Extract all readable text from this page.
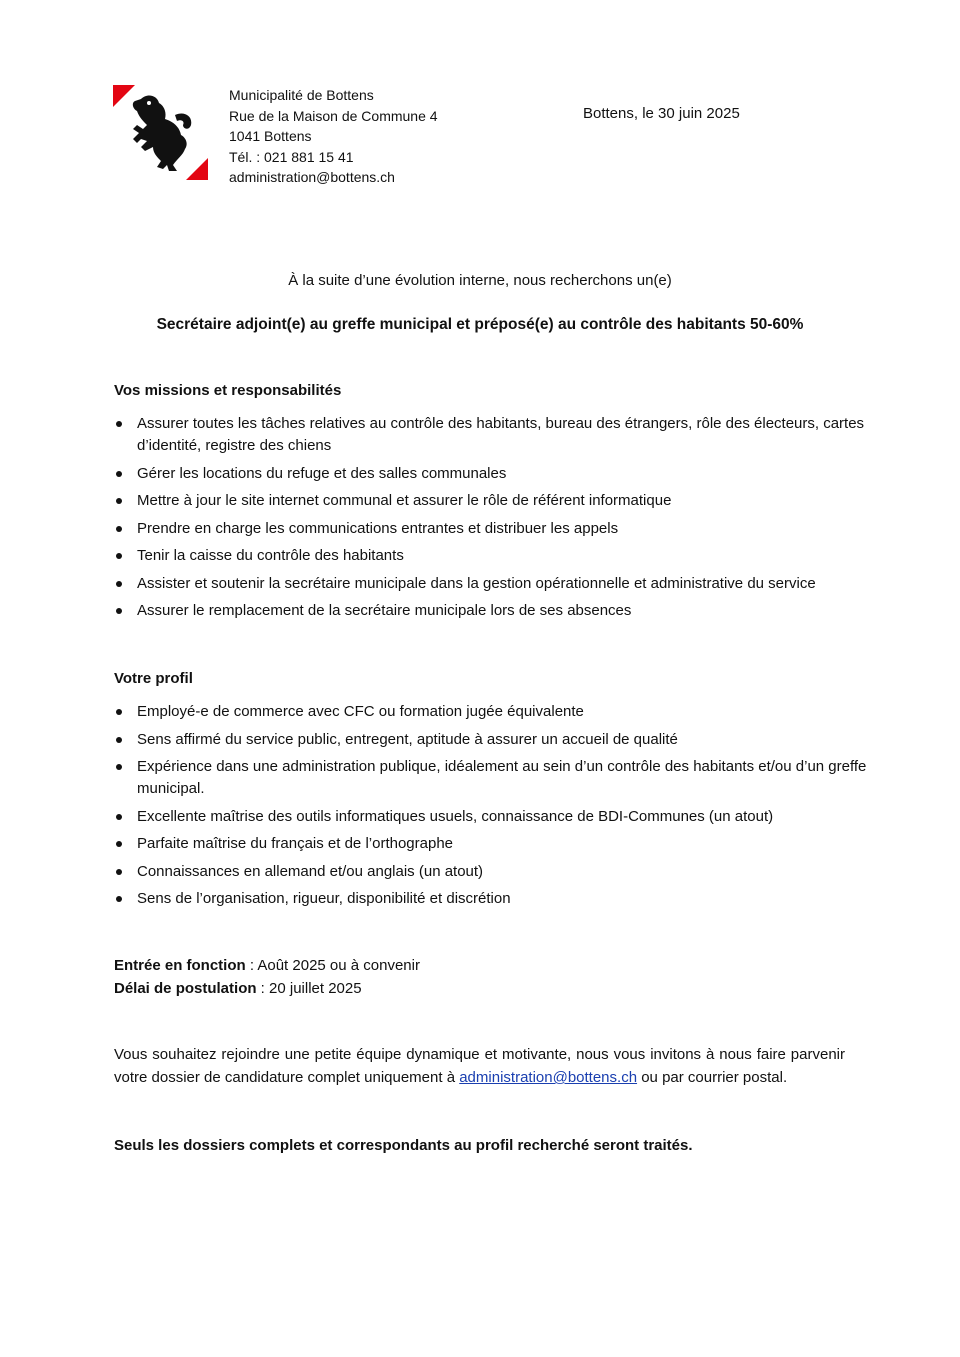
Municipalité de Bottens
Rue de la Maison de Commune 4
1041 Bottens
Tél. : 021 881 15 41
administration@bottens.ch
Bottens, le 30 juin 2025
À la suite d’une évolution interne, nous recherchons un(e)
Secrétaire adjoint(e) au greffe municipal et préposé(e) au contrôle des habitants 50-60%
Vos missions et responsabilités
Assurer toutes les tâches relatives au contrôle des habitants, bureau des étrangers, rôle des électeurs, cartes d’identité, registre des chiens
Gérer les locations du refuge et des salles communales
Mettre à jour le site internet communal et assurer le rôle de référent informatique
Prendre en charge les communications entrantes et distribuer les appels
Tenir la caisse du contrôle des habitants
Assister et soutenir la secrétaire municipale dans la gestion opérationnelle et administrative du service
Assurer le remplacement de la secrétaire municipale lors de ses absences
Votre profil
Employé-e de commerce avec CFC ou formation jugée équivalente
Sens affirmé du service public, entregent, aptitude à assurer un accueil de qualité
Expérience dans une administration publique, idéalement au sein d’un contrôle des habitants et/ou d’un greffe municipal.
Excellente maîtrise des outils informatiques usuels, connaissance de BDI-Communes (un atout)
Parfaite maîtrise du français et de l’orthographe
Connaissances en allemand et/ou anglais (un atout)
Sens de l’organisation, rigueur, disponibilité et discrétion
Entrée en fonction : Août 2025 ou à convenir
Délai de postulation : 20 juillet 2025
Vous souhaitez rejoindre une petite équipe dynamique et motivante, nous vous invitons à nous faire parvenir votre dossier de candidature complet uniquement à administration@bottens.ch ou par courrier postal.
Seuls les dossiers complets et correspondants au profil recherché seront traités.
